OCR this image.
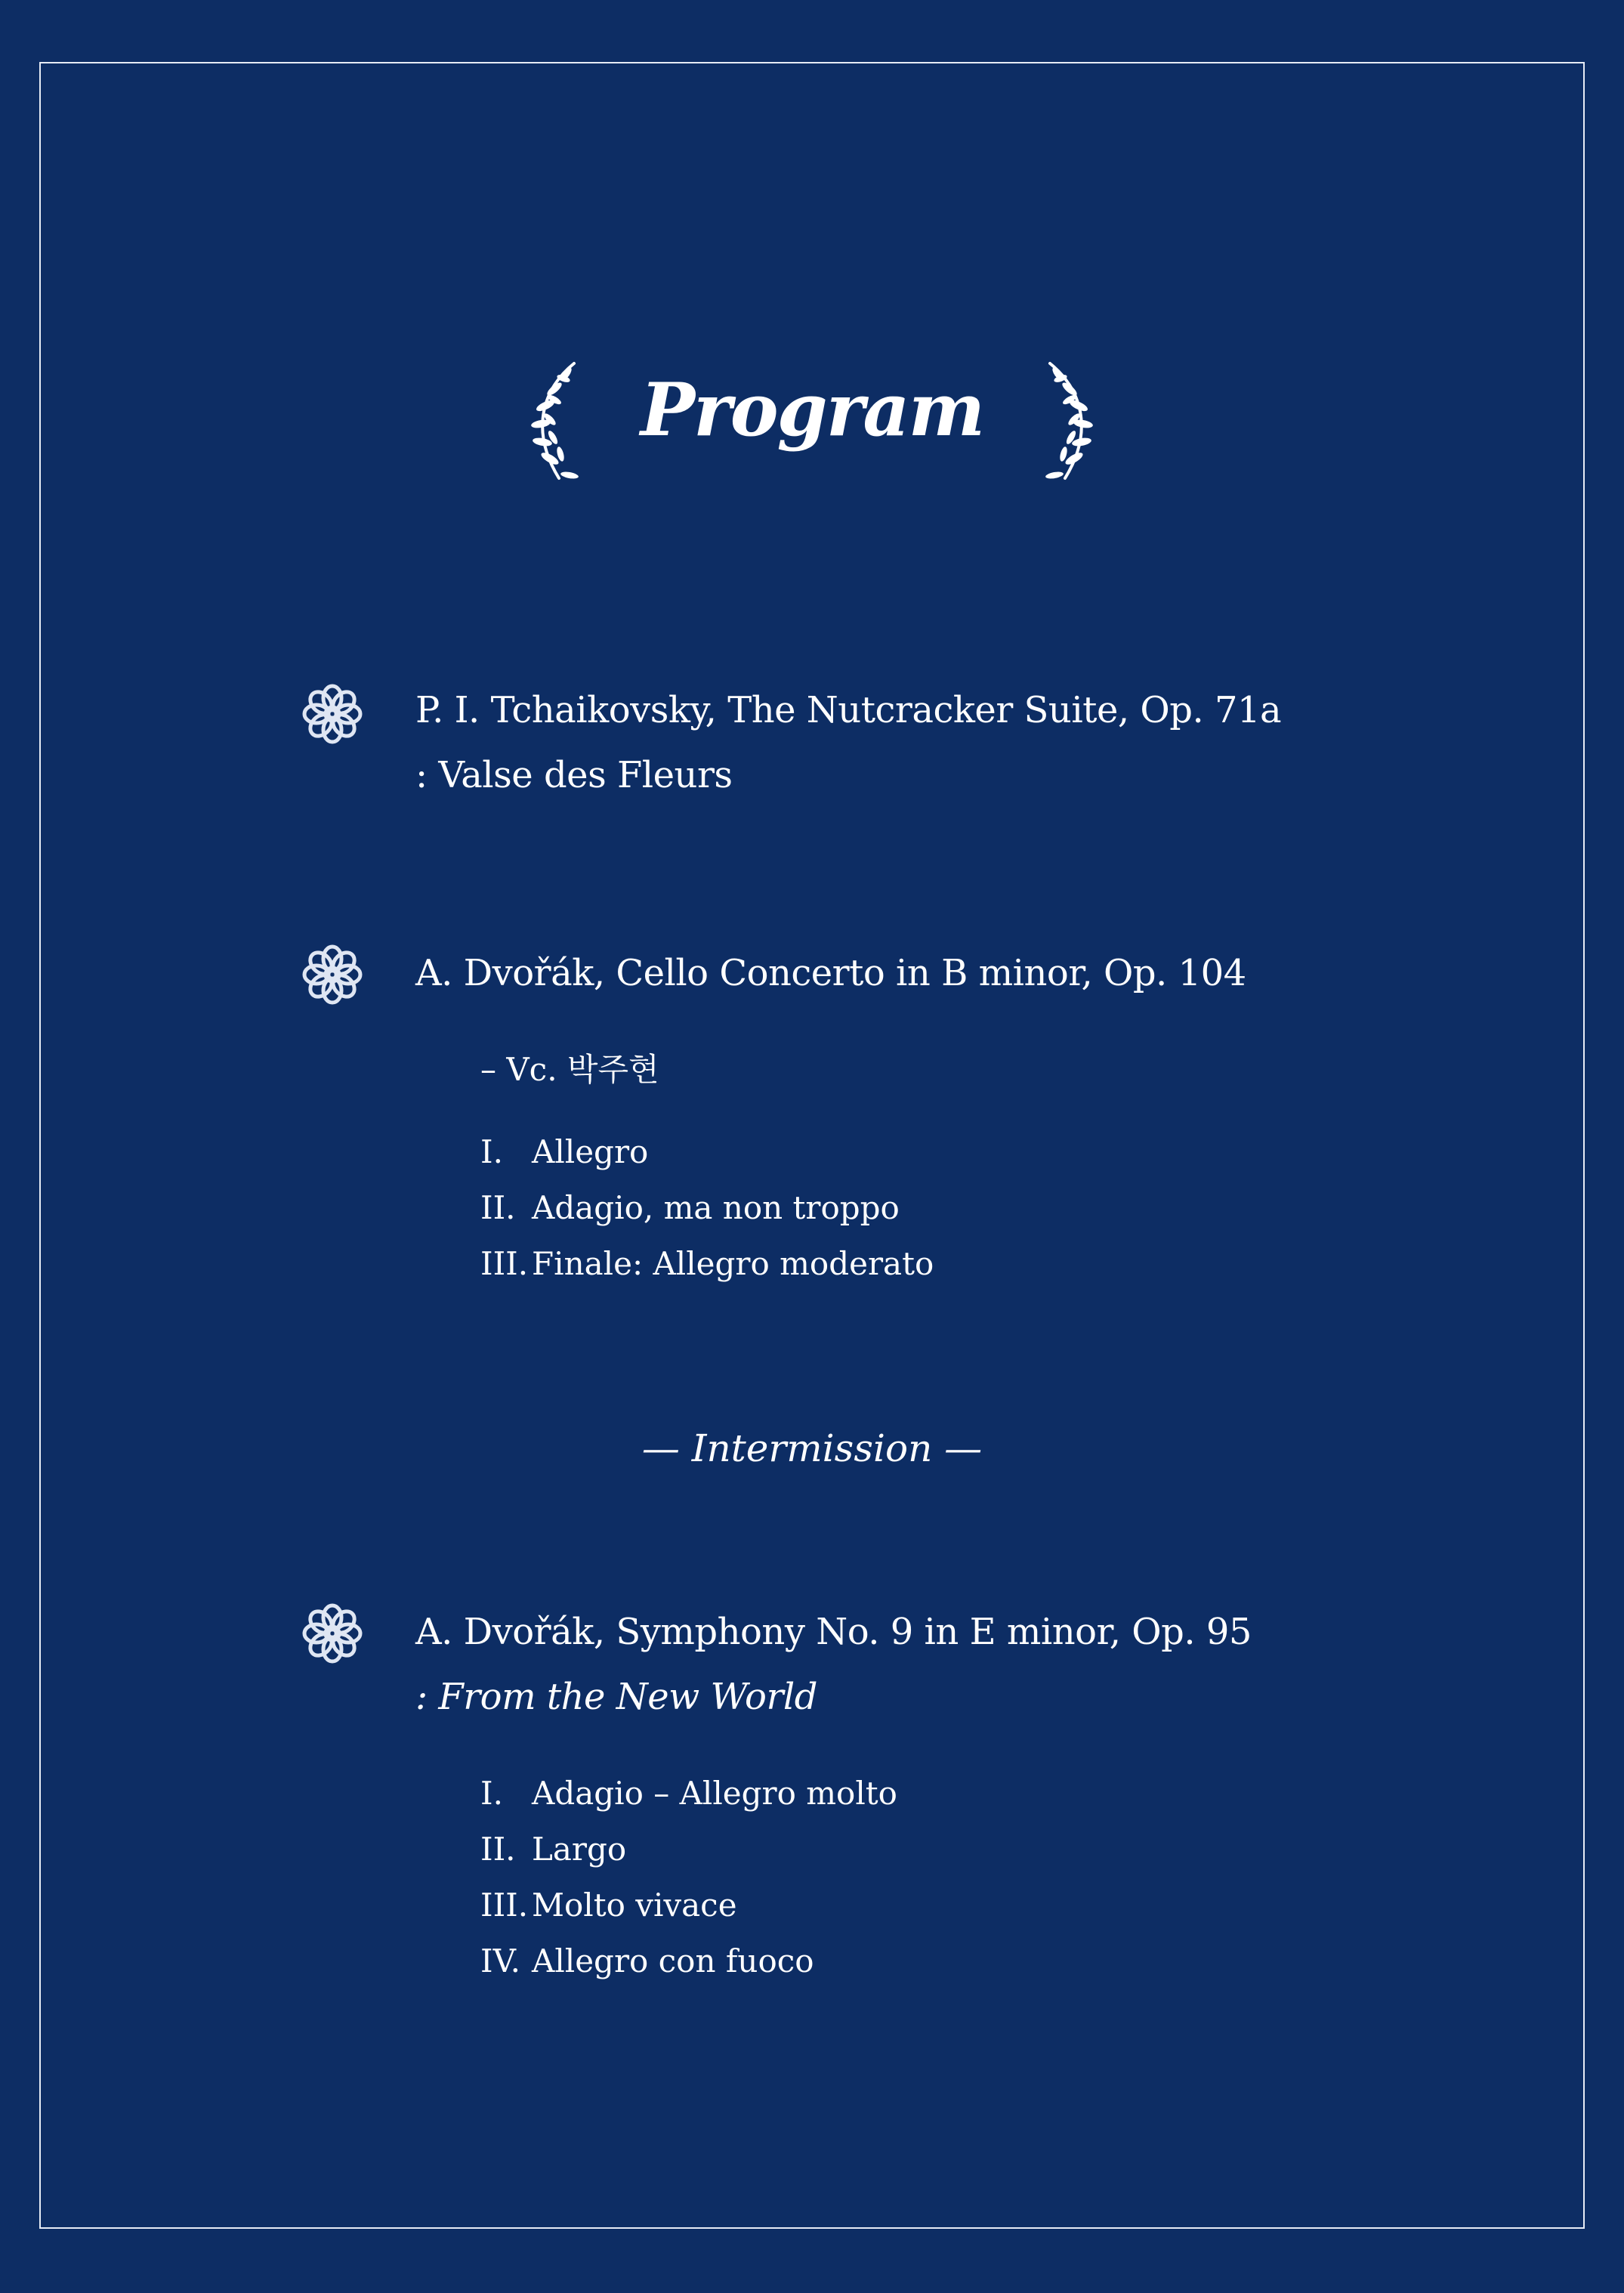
Program
P. I. Tchaikovsky, The Nutcracker Suite, Op. 71a
: Valse des Fleurs
A. Dvořák, Cello Concerto in B minor, Op. 104
– Vc. 박주현
I. Allegro
II. Adagio, ma non troppo
III. Finale: Allegro moderato
— Intermission —
A. Dvořák, Symphony No. 9 in E minor, Op. 95
: From the New World
I. Adagio – Allegro molto
II. Largo
III. Molto vivace
IV. Allegro con fuoco
